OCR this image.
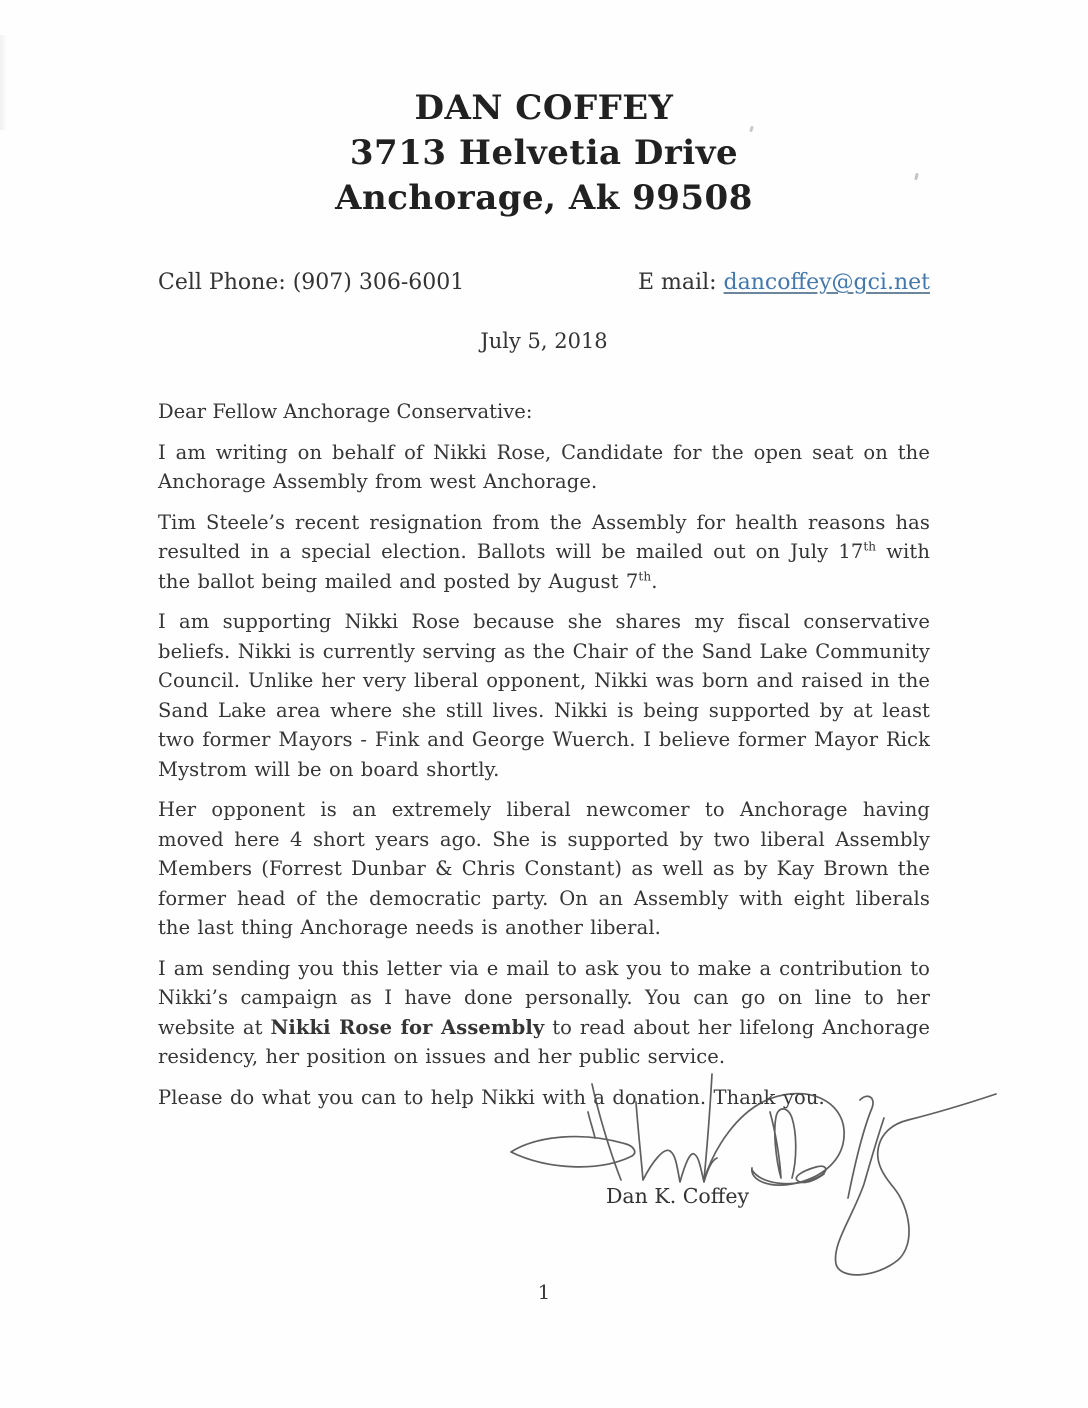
DAN COFFEY
3713 Helvetia Drive
Anchorage, Ak 99508
Cell Phone: (907) 306-6001	E mail: dancoffey@gci.net
July 5, 2018
Dear Fellow Anchorage Conservative:

I am writing on behalf of Nikki Rose, Candidate for the open seat on the Anchorage Assembly from west Anchorage.

Tim Steele’s recent resignation from the Assembly for health reasons has resulted in a special election. Ballots will be mailed out on July 17th with the ballot being mailed and posted by August 7th.

I am supporting Nikki Rose because she shares my fiscal conservative beliefs. Nikki is currently serving as the Chair of the Sand Lake Community Council. Unlike her very liberal opponent, Nikki was born and raised in the Sand Lake area where she still lives. Nikki is being supported by at least two former Mayors - Fink and George Wuerch. I believe former Mayor Rick Mystrom will be on board shortly.

Her opponent is an extremely liberal newcomer to Anchorage having moved here 4 short years ago. She is supported by two liberal Assembly Members (Forrest Dunbar & Chris Constant) as well as by Kay Brown the former head of the democratic party. On an Assembly with eight liberals the last thing Anchorage needs is another liberal.

I am sending you this letter via e mail to ask you to make a contribution to Nikki’s campaign as I have done personally. You can go on line to her website at Nikki Rose for Assembly to read about her lifelong Anchorage residency, her position on issues and her public service.

Please do what you can to help Nikki with a donation. Thank you.

Dan K. Coffey
1
